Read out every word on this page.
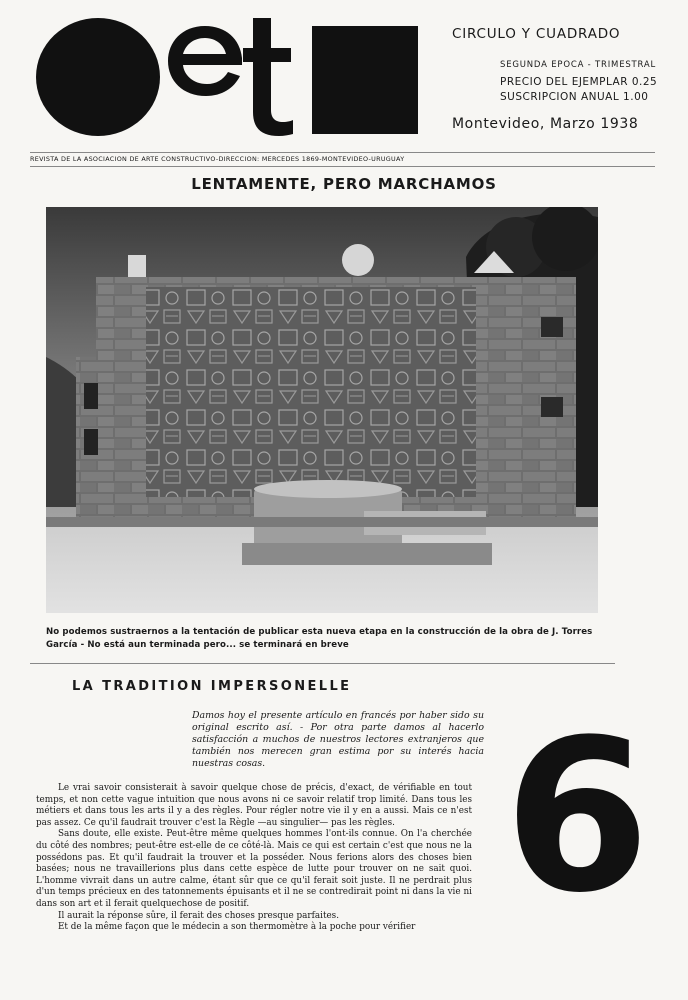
CIRCULO Y CUADRADO
SEGUNDA EPOCA - TRIMESTRAL
PRECIO DEL EJEMPLAR 0.25
SUSCRIPCION ANUAL 1.00
Montevideo, Marzo 1938
REVISTA DE LA ASOCIACION DE ARTE CONSTRUCTIVO-DIRECCION: MERCEDES 1869-MONTEVIDEO-URUGUAY
LENTAMENTE, PERO MARCHAMOS
No podemos sustraernos a la tentación de publicar esta nueva etapa en la construcción de la obra de J. Torres García - No está aun terminada pero... se terminará en breve
LA TRADITION IMPERSONELLE
Damos hoy el presente artículo en francés por haber sido su original escrito así. - Por otra parte damos al hacerlo satisfacción a muchos de nuestros lectores extranjeros que también nos merecen gran estima por su interés hacia nuestras cosas.

Le vrai savoir consisterait à savoir quelque chose de précis, d'exact, de vérifiable en tout temps, et non cette vague intuition que nous avons ni ce savoir relatif trop limité. Dans tous les métiers et dans tous les arts il y a des règles. Pour régler notre vie il y en a aussi. Mais ce n'est pas assez. Ce qu'il faudrait trouver c'est la Règle —au singulier— pas les règles.

Sans doute, elle existe. Peut-être même quelques hommes l'ont-ils connue. On l'a cherchée du côté des nombres; peut-être est-elle de ce côté-là. Mais ce qui est certain c'est que nous ne la possédons pas. Et qu'il faudrait la trouver et la posséder. Nous ferions alors des choses bien basées; nous ne travaillerions plus dans cette espèce de lutte pour trouver on ne sait quoi. L'homme vivrait dans un autre calme, étant sûr que ce qu'il ferait soit juste. Il ne perdrait plus d'un temps précieux en des tatonnements épuisants et il ne se contredirait point ni dans la vie ni dans son art et il ferait quelquechose de positif.

Il aurait la réponse sûre, il ferait des choses presque parfaites.

Et de la même façon que le médecin a son thermomètre à la poche pour vérifier 6
